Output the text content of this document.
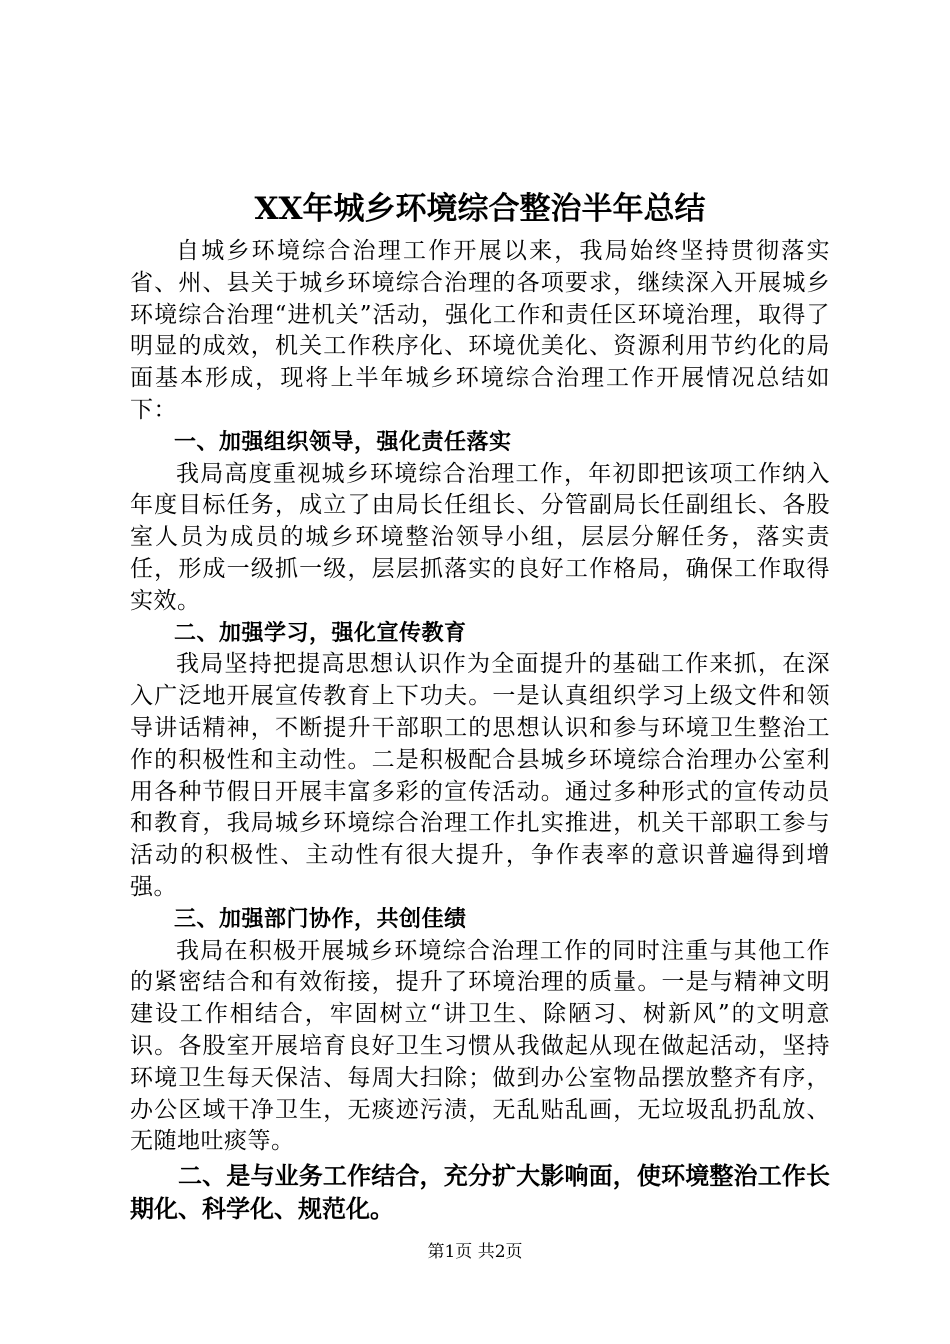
XX年城乡环境综合整治半年总结

自城乡环境综合治理工作开展以来，我局始终坚持贯彻落实省、州、县关于城乡环境综合治理的各项要求，继续深入开展城乡环境综合治理“进机关”活动，强化工作和责任区环境治理，取得了明显的成效，机关工作秩序化、环境优美化、资源利用节约化的局面基本形成，现将上半年城乡环境综合治理工作开展情况总结如下：

一、加强组织领导，强化责任落实

我局高度重视城乡环境综合治理工作，年初即把该项工作纳入年度目标任务，成立了由局长任组长、分管副局长任副组长、各股室人员为成员的城乡环境整治领导小组，层层分解任务，落实责任，形成一级抓一级，层层抓落实的良好工作格局，确保工作取得实效。

二、加强学习，强化宣传教育

我局坚持把提高思想认识作为全面提升的基础工作来抓，在深入广泛地开展宣传教育上下功夫。一是认真组织学习上级文件和领导讲话精神，不断提升干部职工的思想认识和参与环境卫生整治工作的积极性和主动性。二是积极配合县城乡环境综合治理办公室利用各种节假日开展丰富多彩的宣传活动。通过多种形式的宣传动员和教育，我局城乡环境综合治理工作扎实推进，机关干部职工参与活动的积极性、主动性有很大提升，争作表率的意识普遍得到增强。

三、加强部门协作，共创佳绩

我局在积极开展城乡环境综合治理工作的同时注重与其他工作的紧密结合和有效衔接，提升了环境治理的质量。一是与精神文明建设工作相结合，牢固树立“讲卫生、除陋习、树新风”的文明意识。各股室开展培育良好卫生习惯从我做起从现在做起活动，坚持环境卫生每天保洁、每周大扫除；做到办公室物品摆放整齐有序，办公区域干净卫生，无痰迹污渍，无乱贴乱画，无垃圾乱扔乱放、无随地吐痰等。

二、是与业务工作结合，充分扩大影响面，使环境整治工作长期化、科学化、规范化。

第1页 共2页
